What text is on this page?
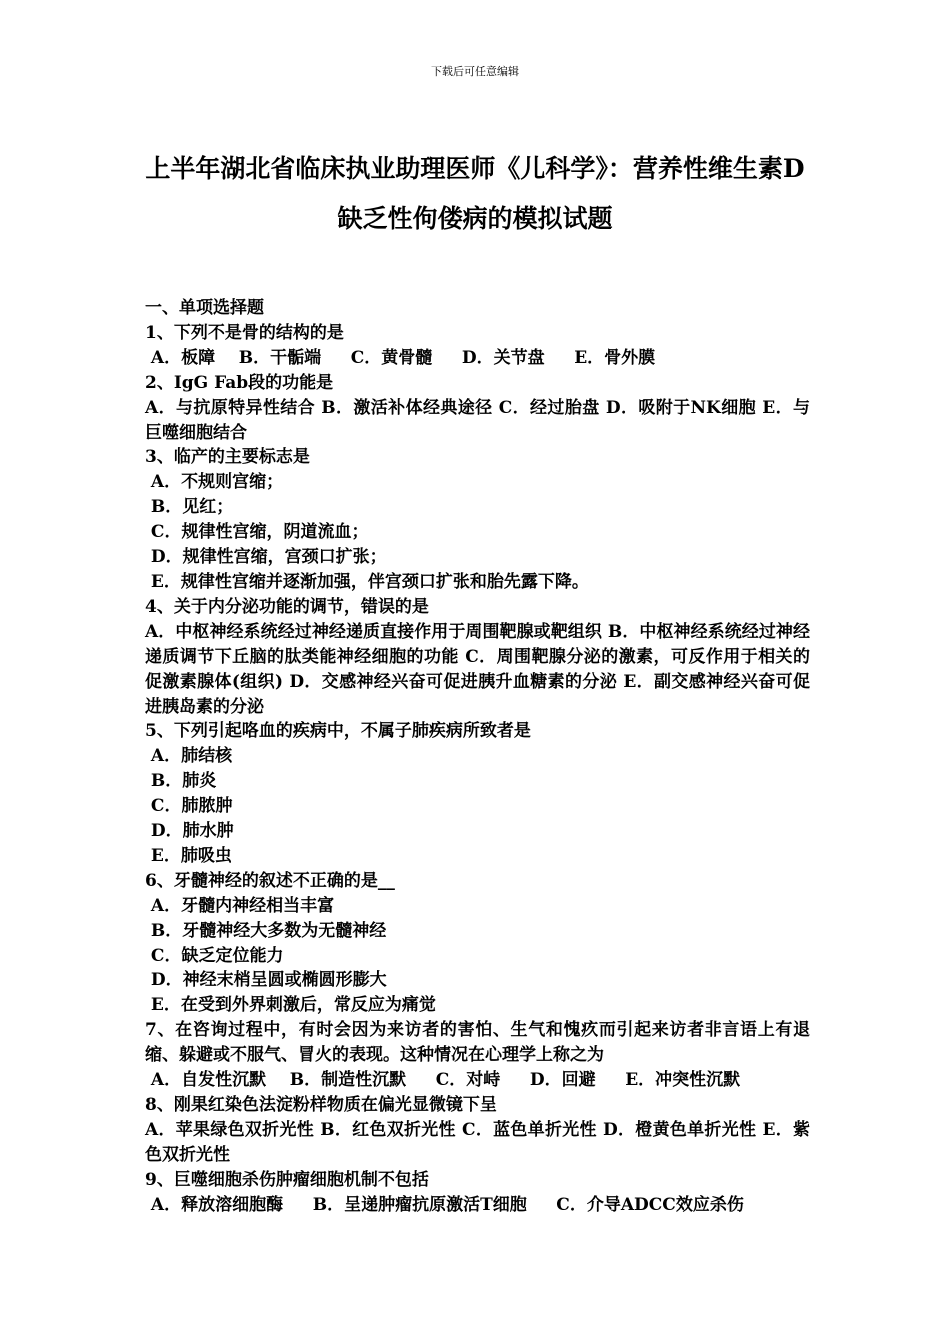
下载后可任意编辑
上半年湖北省临床执业助理医师《儿科学》：营养性维生素D缺乏性佝偻病的模拟试题
一、单项选择题
1、下列不是骨的结构的是
A．板障    B．干骺端     C．黄骨髓     D．关节盘     E．骨外膜
2、IgG Fab段的功能是
A．与抗原特异性结合 B．激活补体经典途径 C．经过胎盘 D．吸附于NK细胞 E．与巨噬细胞结合
3、临产的主要标志是
A．不规则宫缩；
B．见红；
C．规律性宫缩，阴道流血；
D．规律性宫缩，宫颈口扩张；
E．规律性宫缩并逐渐加强，伴宫颈口扩张和胎先露下降。
4、关于内分泌功能的调节，错误的是
A．中枢神经系统经过神经递质直接作用于周围靶腺或靶组织 B．中枢神经系统经过神经递质调节下丘脑的肽类能神经细胞的功能 C．周围靶腺分泌的激素，可反作用于相关的促激素腺体(组织) D．交感神经兴奋可促进胰升血糖素的分泌 E．副交感神经兴奋可促进胰岛素的分泌
5、下列引起咯血的疾病中，不属子肺疾病所致者是
A．肺结核
B．肺炎
C．肺脓肿
D．肺水肿
E．肺吸虫
6、牙髓神经的叙述不正确的是__
A．牙髓内神经相当丰富
B．牙髓神经大多数为无髓神经
C．缺乏定位能力
D．神经末梢呈圆或椭圆形膨大
E．在受到外界刺激后，常反应为痛觉
7、在咨询过程中，有时会因为来访者的害怕、生气和愧疚而引起来访者非言语上有退缩、躲避或不服气、冒火的表现。这种情况在心理学上称之为
A．自发性沉默    B．制造性沉默     C．对峙     D．回避     E．冲突性沉默
8、刚果红染色法淀粉样物质在偏光显微镜下呈
A．苹果绿色双折光性 B．红色双折光性 C．蓝色单折光性 D．橙黄色单折光性 E．紫色双折光性
9、巨噬细胞杀伤肿瘤细胞机制不包括
A．释放溶细胞酶     B．呈递肿瘤抗原激活T细胞     C．介导ADCC效应杀伤
